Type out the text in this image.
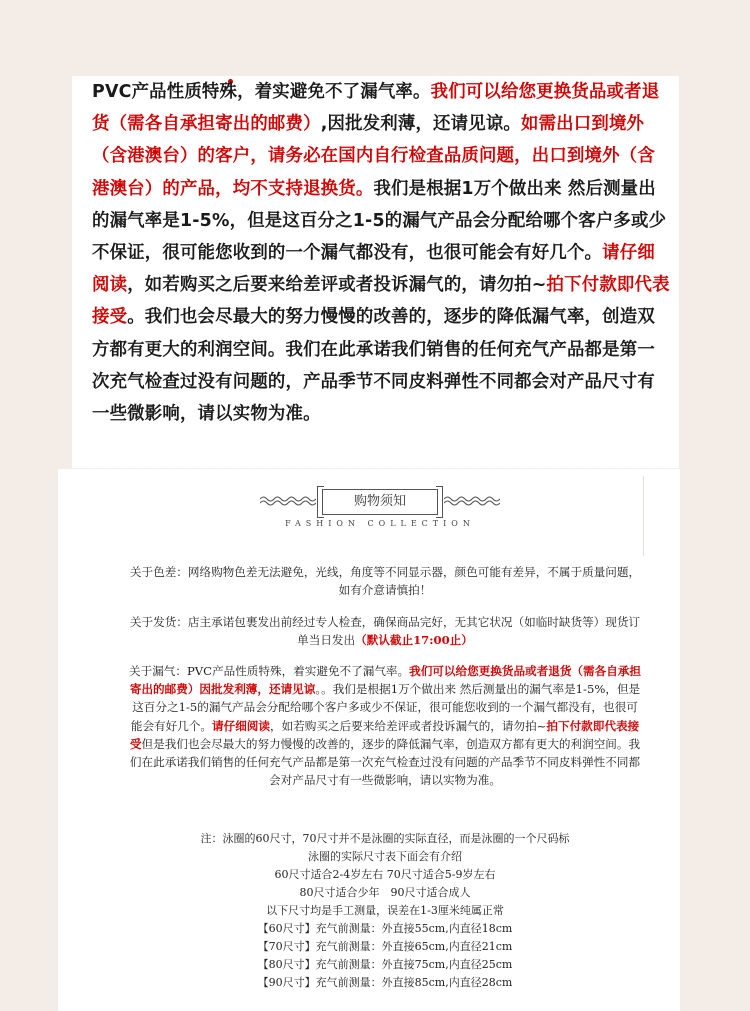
PVC产品性质特殊，着实避免不了漏气率。我们可以给您更换货品或者退货（需各自承担寄出的邮费）,因批发利薄，还请见谅。如需出口到境外（含港澳台）的客户，请务必在国内自行检查品质问题，出口到境外（含港澳台）的产品，均不支持退换货。我们是根据1万个做出来 然后测量出的漏气率是1-5%，但是这百分之1-5的漏气产品会分配给哪个客户多或少不保证，很可能您收到的一个漏气都没有，也很可能会有好几个。请仔细阅读，如若购买之后要来给差评或者投诉漏气的，请勿拍~拍下付款即代表接受。我们也会尽最大的努力慢慢的改善的，逐步的降低漏气率，创造双方都有更大的利润空间。我们在此承诺我们销售的任何充气产品都是第一次充气检查过没有问题的，产品季节不同皮料弹性不同都会对产品尺寸有一些微影响，请以实物为准。

购物须知
FASHION COLLECTION

关于色差：网络购物色差无法避免，光线，角度等不同显示器，颜色可能有差异，不属于质量问题，如有介意请慎拍！

关于发货：店主承诺包裹发出前经过专人检查，确保商品完好，无其它状况（如临时缺货等）现货订单当日发出（默认截止17:00止）

关于漏气：PVC产品性质特殊，着实避免不了漏气率。我们可以给您更换货品或者退货（需各自承担寄出的邮费）因批发利薄，还请见谅。。我们是根据1万个做出来 然后测量出的漏气率是1-5%，但是这百分之1-5的漏气产品会分配给哪个客户多或少不保证，很可能您收到的一个漏气都没有，也很可能会有好几个。请仔细阅读，如若购买之后要来给差评或者投诉漏气的，请勿拍~拍下付款即代表接受但是我们也会尽最大的努力慢慢的改善的，逐步的降低漏气率，创造双方都有更大的利润空间。我们在此承诺我们销售的任何充气产品都是第一次充气检查过没有问题的产品季节不同皮料弹性不同都会对产品尺寸有一些微影响，请以实物为准。

注：泳圈的60尺寸，70尺寸并不是泳圈的实际直径，而是泳圈的一个尺码标
泳圈的实际尺寸表下面会有介绍
60尺寸适合2-4岁左右 70尺寸适合5-9岁左右
80尺寸适合少年　90尺寸适合成人
以下尺寸均是手工测量，误差在1-3厘米纯属正常
【60尺寸】充气前测量：外直接55cm,内直径18cm
【70尺寸】充气前测量：外直接65cm,内直径21cm
【80尺寸】充气前测量：外直接75cm,内直径25cm
【90尺寸】充气前测量：外直接85cm,内直径28cm
